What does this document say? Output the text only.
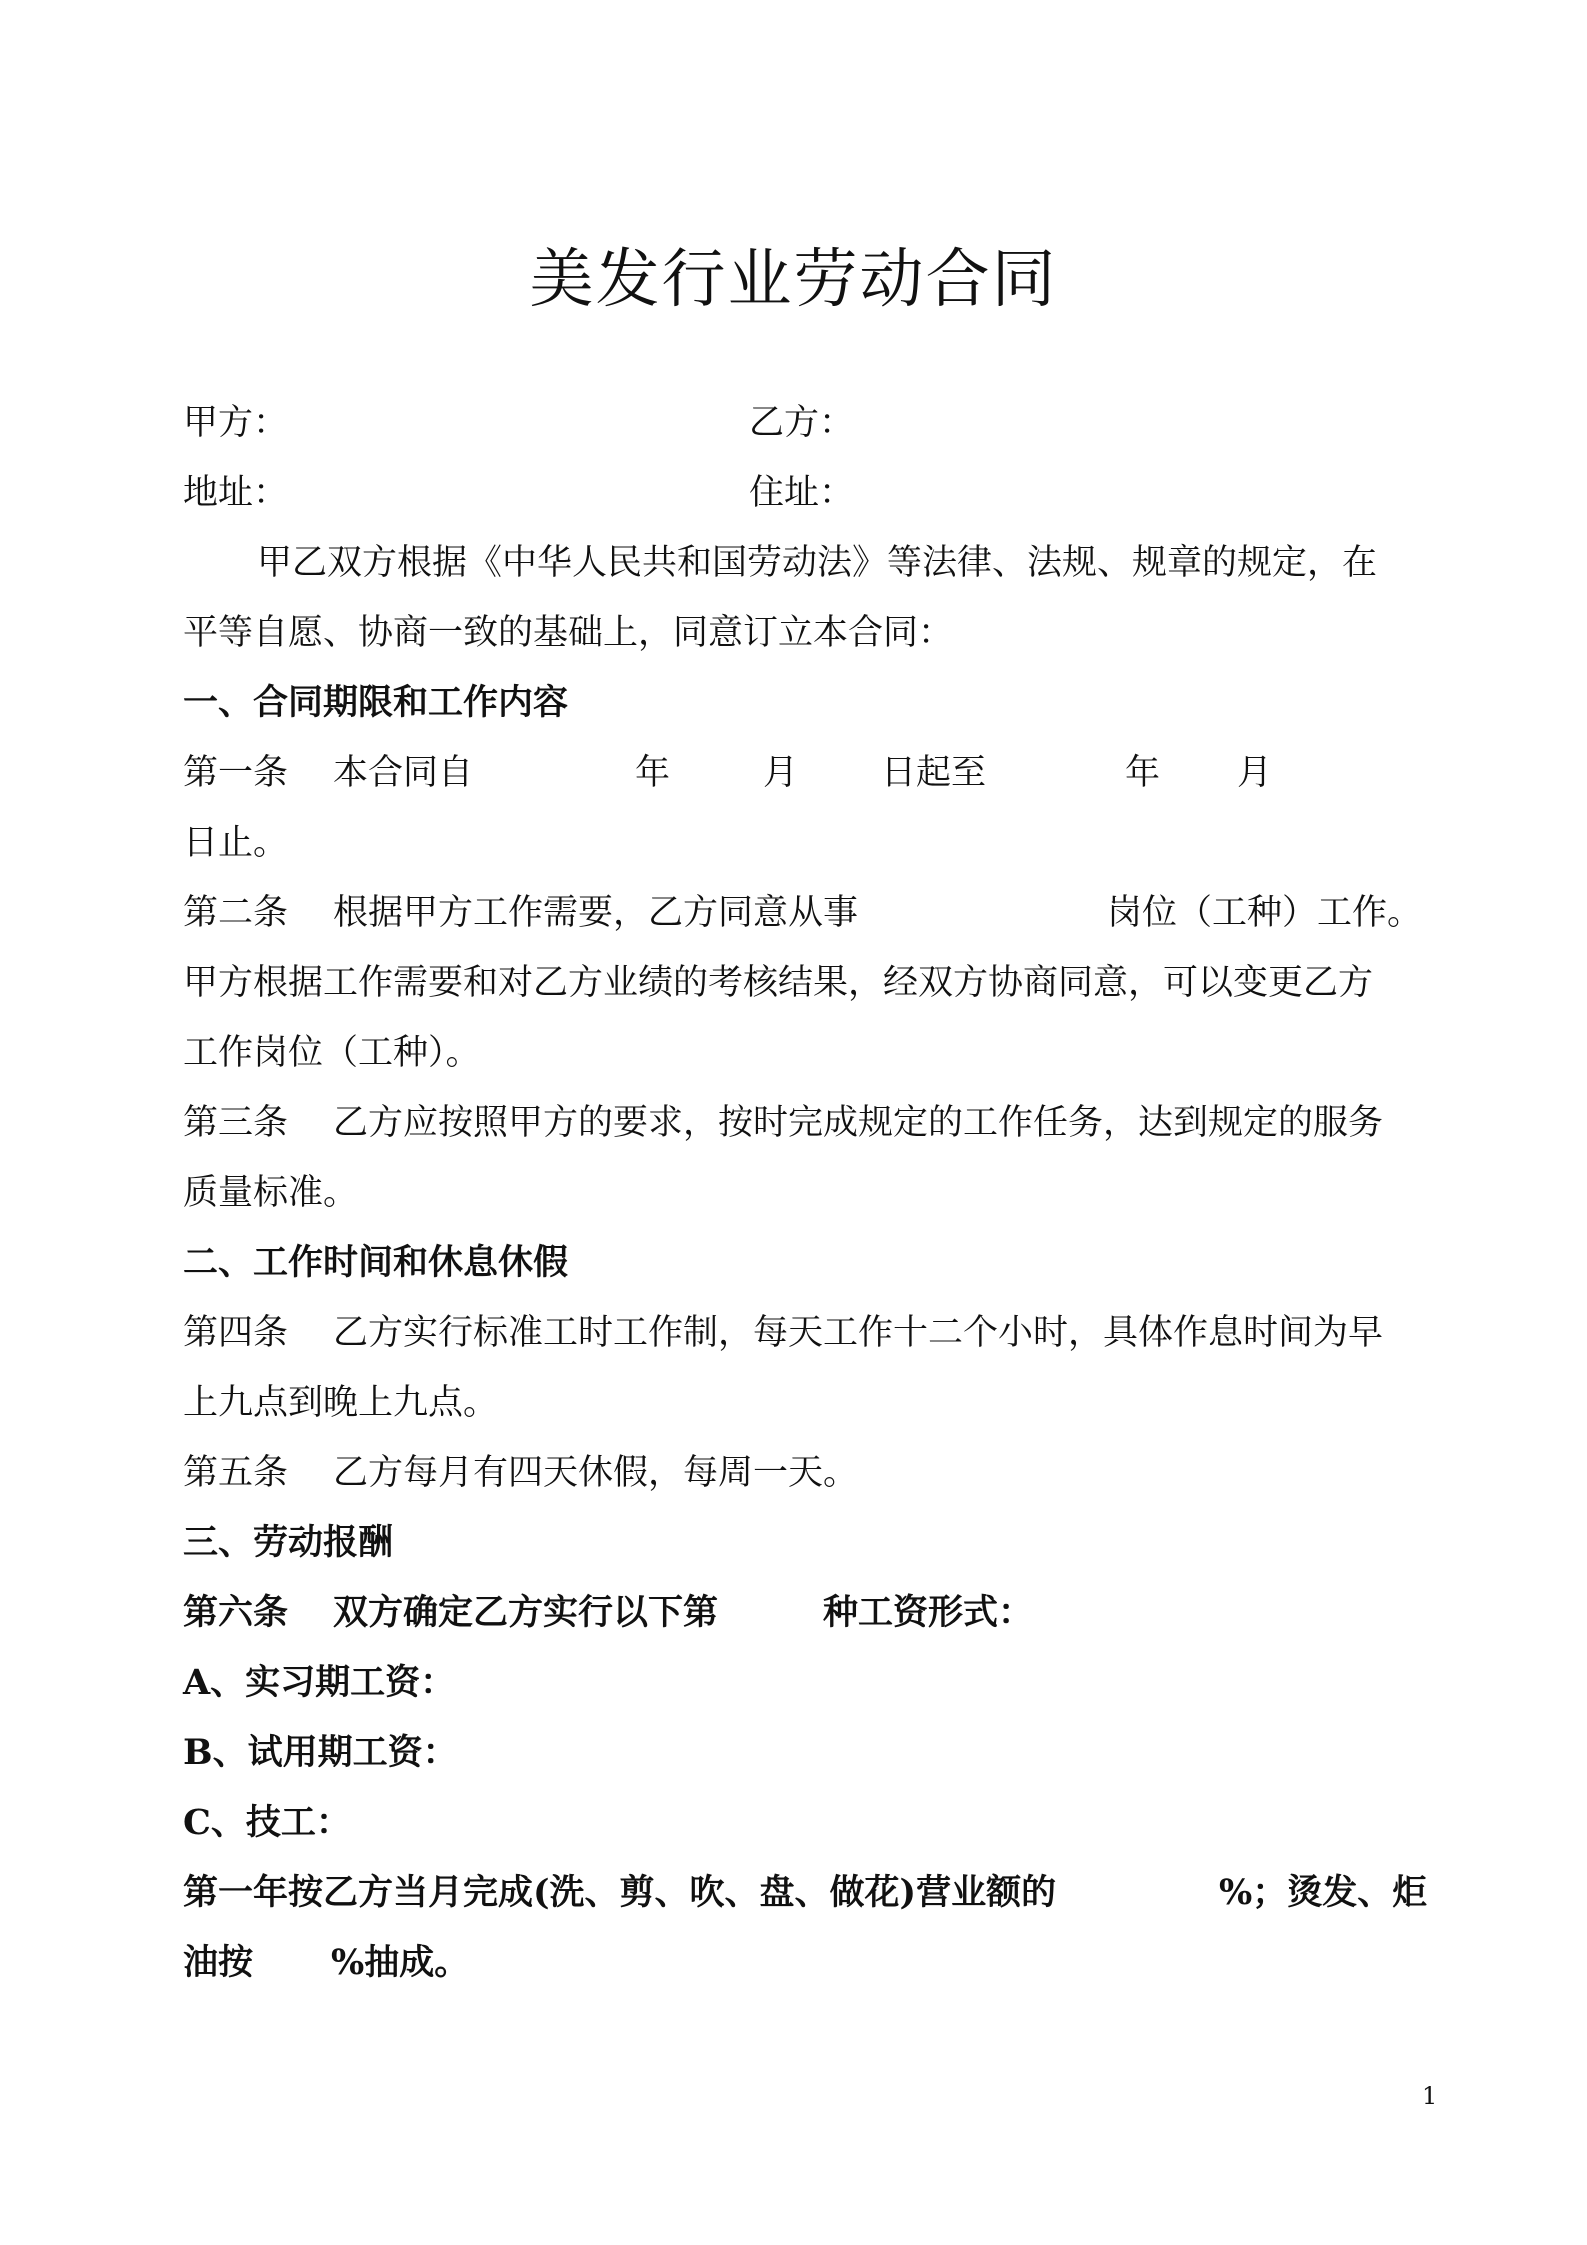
美发行业劳动合同
甲方：	乙方：
地址：	住址：
甲乙双方根据《中华人民共和国劳动法》等法律、法规、规章的规定，在
平等自愿、协商一致的基础上，同意订立本合同：
一、合同期限和工作内容
第一条 本合同自	年	月 日起至	年 月
日止。
第二条 根据甲方工作需要，乙方同意从事	岗位（工种）工作。
甲方根据工作需要和对乙方业绩的考核结果，经双方协商同意，可以变更乙方
工作岗位（工种）。
第三条 乙方应按照甲方的要求，按时完成规定的工作任务，达到规定的服务
质量标准。
二、工作时间和休息休假
第四条 乙方实行标准工时工作制，每天工作十二个小时，具体作息时间为早
上九点到晚上九点。
第五条 乙方每月有四天休假，每周一天。
三、劳动报酬
第六条 双方确定乙方实行以下第	种工资形式：
A、实习期工资：
B、试用期工资：
C、技工：
第一年按乙方当月完成(洗、剪、吹、盘、做花)营业额的	%；烫发、炬
油按 %抽成。
1
